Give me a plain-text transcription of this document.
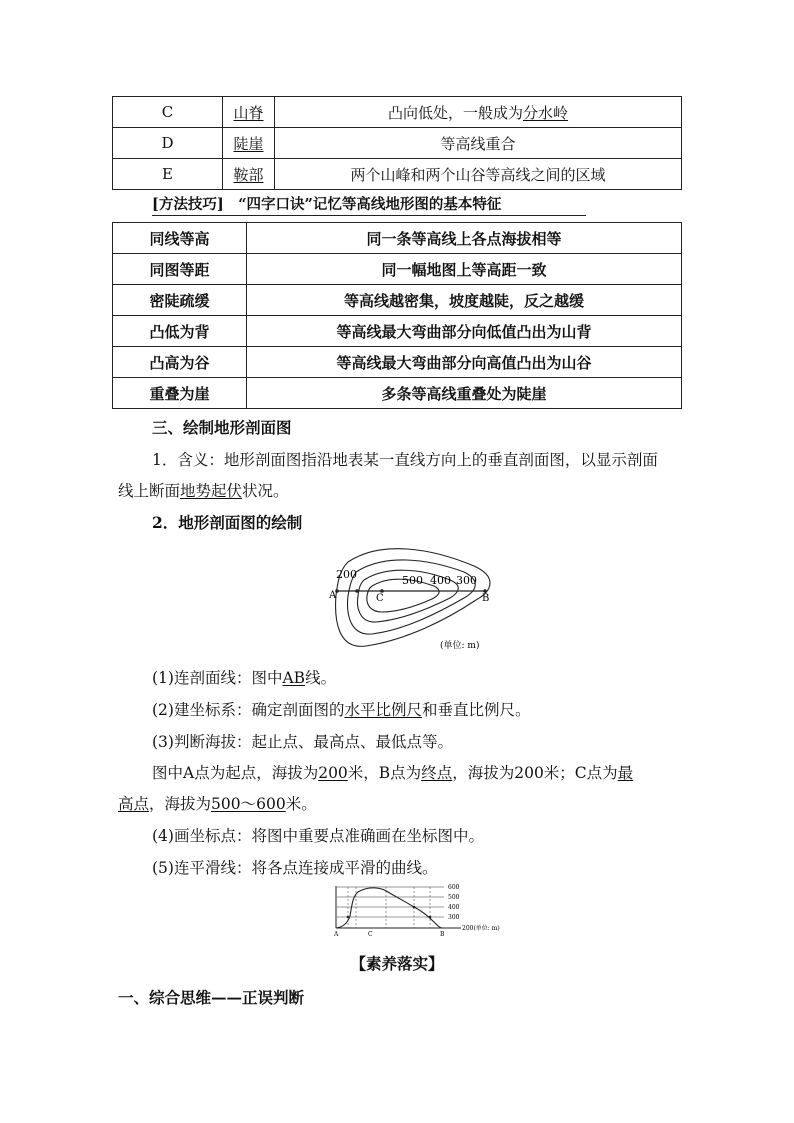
C	山脊	凸向低处，一般成为分水岭
D	陡崖	等高线重合
E	鞍部	两个山峰和两个山谷等高线之间的区域
[方法技巧]　“四字口诀”记忆等高线地形图的基本特征
同线等高	同一条等高线上各点海拔相等
同图等距	同一幅地图上等高距一致
密陡疏缓	等高线越密集，坡度越陡，反之越缓
凸低为背	等高线最大弯曲部分向低值凸出为山背
凸高为谷	等高线最大弯曲部分向高值凸出为山谷
重叠为崖	多条等高线重叠处为陡崖
三、绘制地形剖面图
1．含义：地形剖面图指沿地表某一直线方向上的垂直剖面图，以显示剖面
线上断面地势起伏状况。
2．地形剖面图的绘制
200	500 400 300
A	C	B
(单位: m)
(1)连剖面线：图中AB线。
(2)建坐标系：确定剖面图的水平比例尺和垂直比例尺。
(3)判断海拔：起止点、最高点、最低点等。
图中A点为起点，海拔为200米，B点为终点，海拔为200米；C点为最
高点，海拔为500～600米。
(4)画坐标点：将图中重要点准确画在坐标图中。
(5)连平滑线：将各点连接成平滑的曲线。
600
500
400
300
200(单位: m)
A	C	B
【素养落实】
一、综合思维——正误判断
